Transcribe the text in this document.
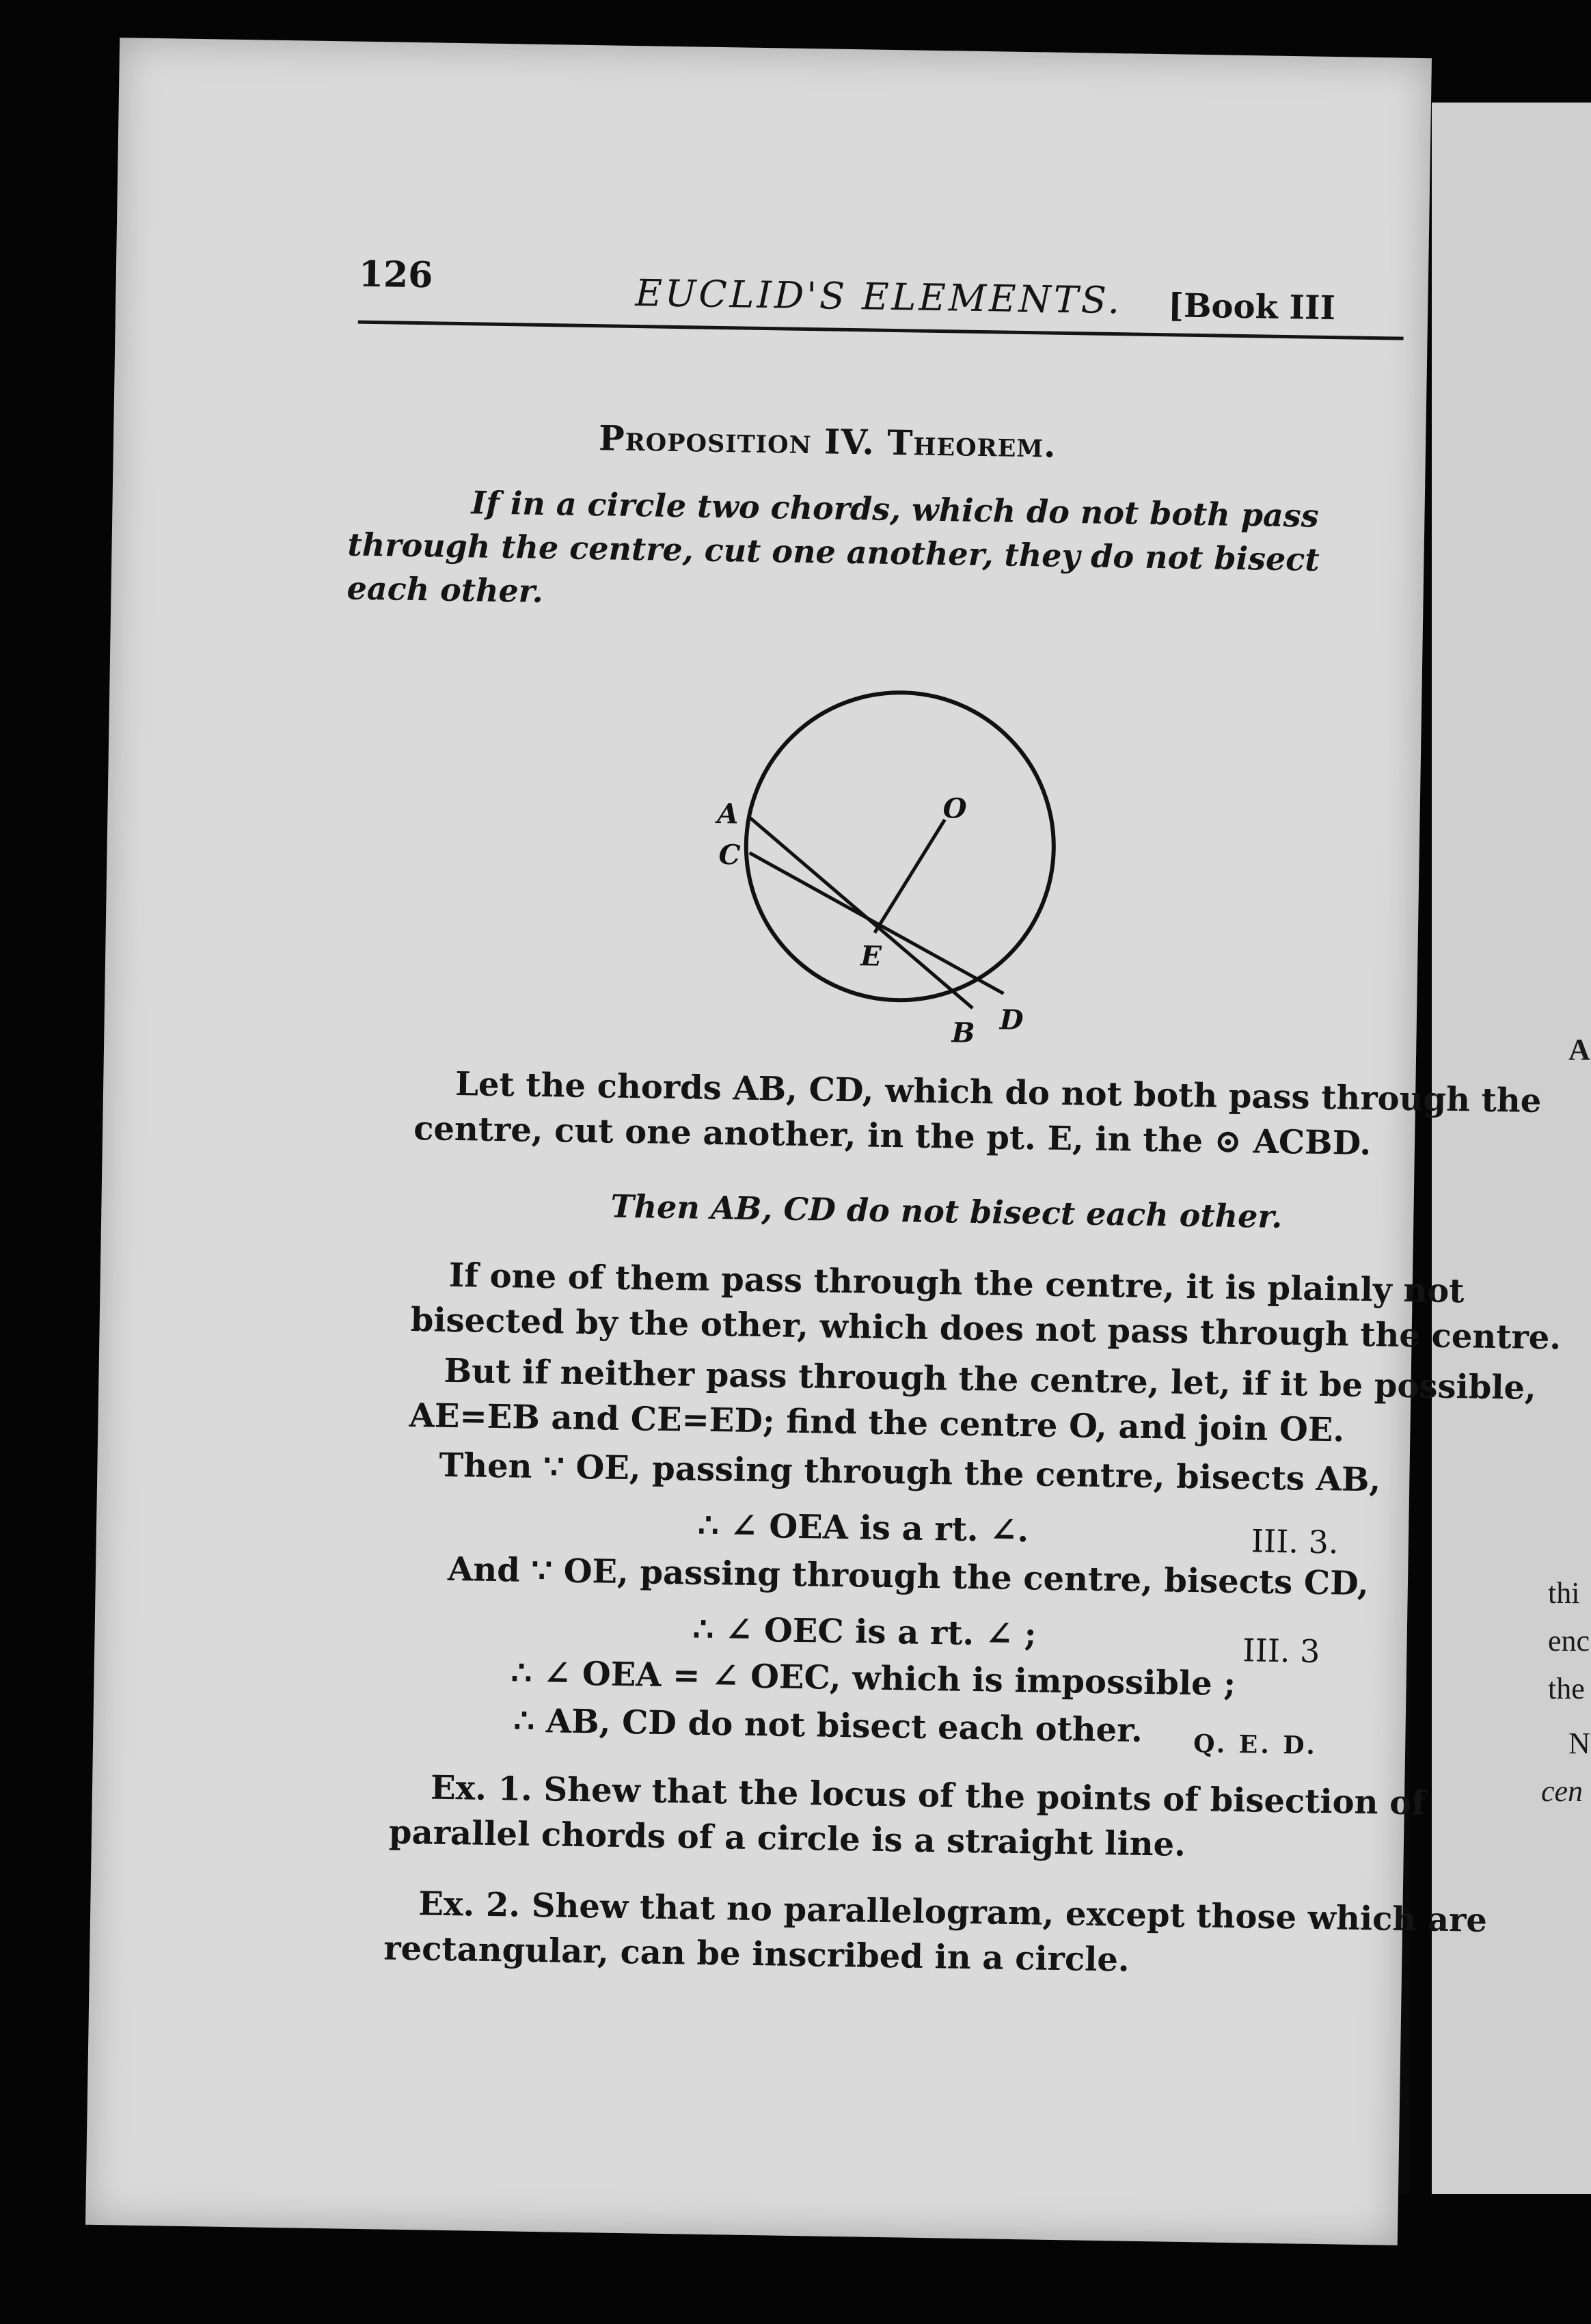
A
thi
enc
the
N
cen
126	EUCLID'S ELEMENTS. [Book III
Proposition IV. Theorem.
If in a circle two chords, which do not both pass through the centre, cut one another, they do not bisect each other.
A
C
O
E
B D
Let the chords AB, CD, which do not both pass through the
centre, cut one another, in the pt. E, in the ⊙ ACBD.
Then AB, CD do not bisect each other.
If one of them pass through the centre, it is plainly not
bisected by the other, which does not pass through the centre.
But if neither pass through the centre, let, if it be possible,
AE=EB and CE=ED; find the centre O, and join OE.
Then ∵ OE, passing through the centre, bisects AB,
∴ ∠ OEA is a rt. ∠.	III. 3.
And ∵ OE, passing through the centre, bisects CD,
∴ ∠ OEC is a rt. ∠ ;	III. 3
∴ ∠ OEA = ∠ OEC, which is impossible ;
∴ AB, CD do not bisect each other. Q. E. D.
Ex. 1. Shew that the locus of the points of bisection of
parallel chords of a circle is a straight line.
Ex. 2. Shew that no parallelogram, except those which are
rectangular, can be inscribed in a circle.
